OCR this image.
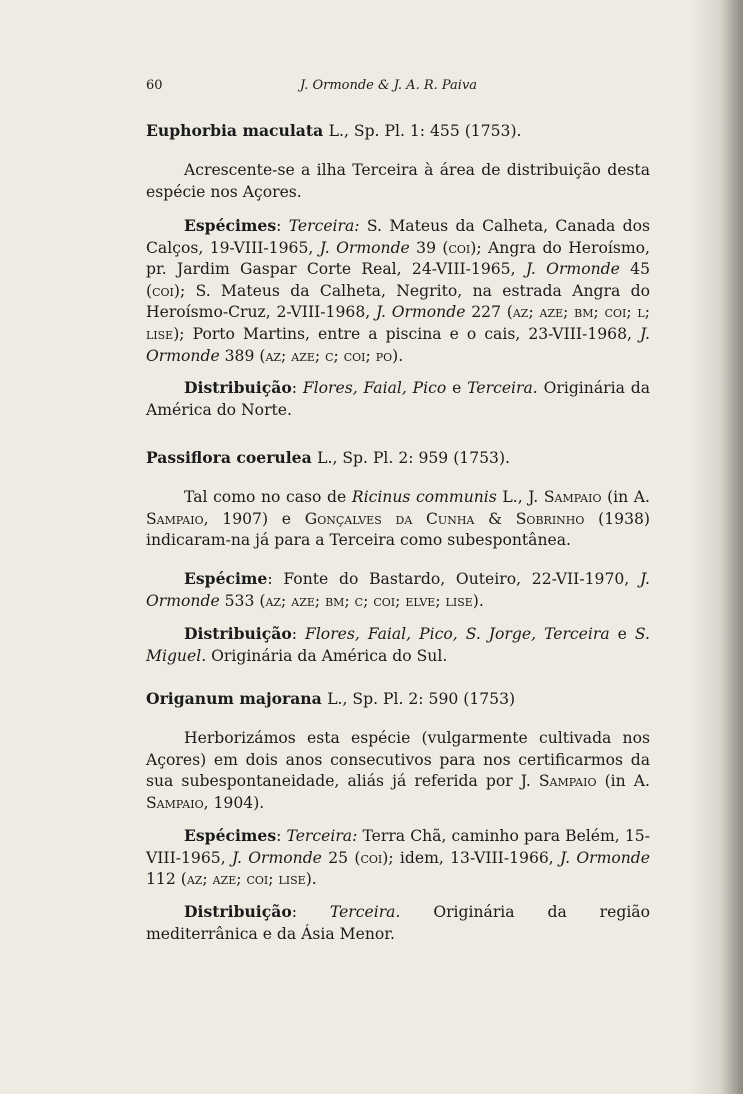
60	J. Ormonde & J. A. R. Paiva
Euphorbia maculata L., Sp. Pl. 1: 455 (1753).

Acrescente-se a ilha Terceira à área de distribuição desta espécie nos Açores.

Espécimes: Terceira: S. Mateus da Calheta, Canada dos Calços, 19-VIII-1965, J. Ormonde 39 (coi); Angra do Heroísmo, pr. Jardim Gaspar Corte Real, 24-VIII-1965, J. Ormonde 45 (coi); S. Mateus da Calheta, Negrito, na estrada Angra do Heroísmo-Cruz, 2-VIII-1968, J. Ormonde 227 (az; aze; bm; coi; l; lise); Porto Martins, entre a piscina e o cais, 23-VIII-1968, J. Ormonde 389 (az; aze; c; coi; po).

Distribuição: Flores, Faial, Pico e Terceira. Originária da América do Norte.

Passiflora coerulea L., Sp. Pl. 2: 959 (1753).

Tal como no caso de Ricinus communis L., J. Sampaio (in A. Sampaio, 1907) e Gonçalves da Cunha & Sobrinho (1938) indicaram-na já para a Terceira como subespontânea.

Espécime: Fonte do Bastardo, Outeiro, 22-VII-1970, J. Ormonde 533 (az; aze; bm; c; coi; elve; lise).

Distribuição: Flores, Faial, Pico, S. Jorge, Terceira e S. Miguel. Originária da América do Sul.

Origanum majorana L., Sp. Pl. 2: 590 (1753)

Herborizámos esta espécie (vulgarmente cultivada nos Açores) em dois anos consecutivos para nos certificarmos da sua subespontaneidade, aliás já referida por J. Sampaio (in A. Sampaio, 1904).

Espécimes: Terceira: Terra Chã, caminho para Belém, 15-VIII-1965, J. Ormonde 25 (coi); idem, 13-VIII-1966, J. Ormonde 112 (az; aze; coi; lise).

Distribuição: Terceira. Originária da região mediterrânica e da Ásia Menor.
